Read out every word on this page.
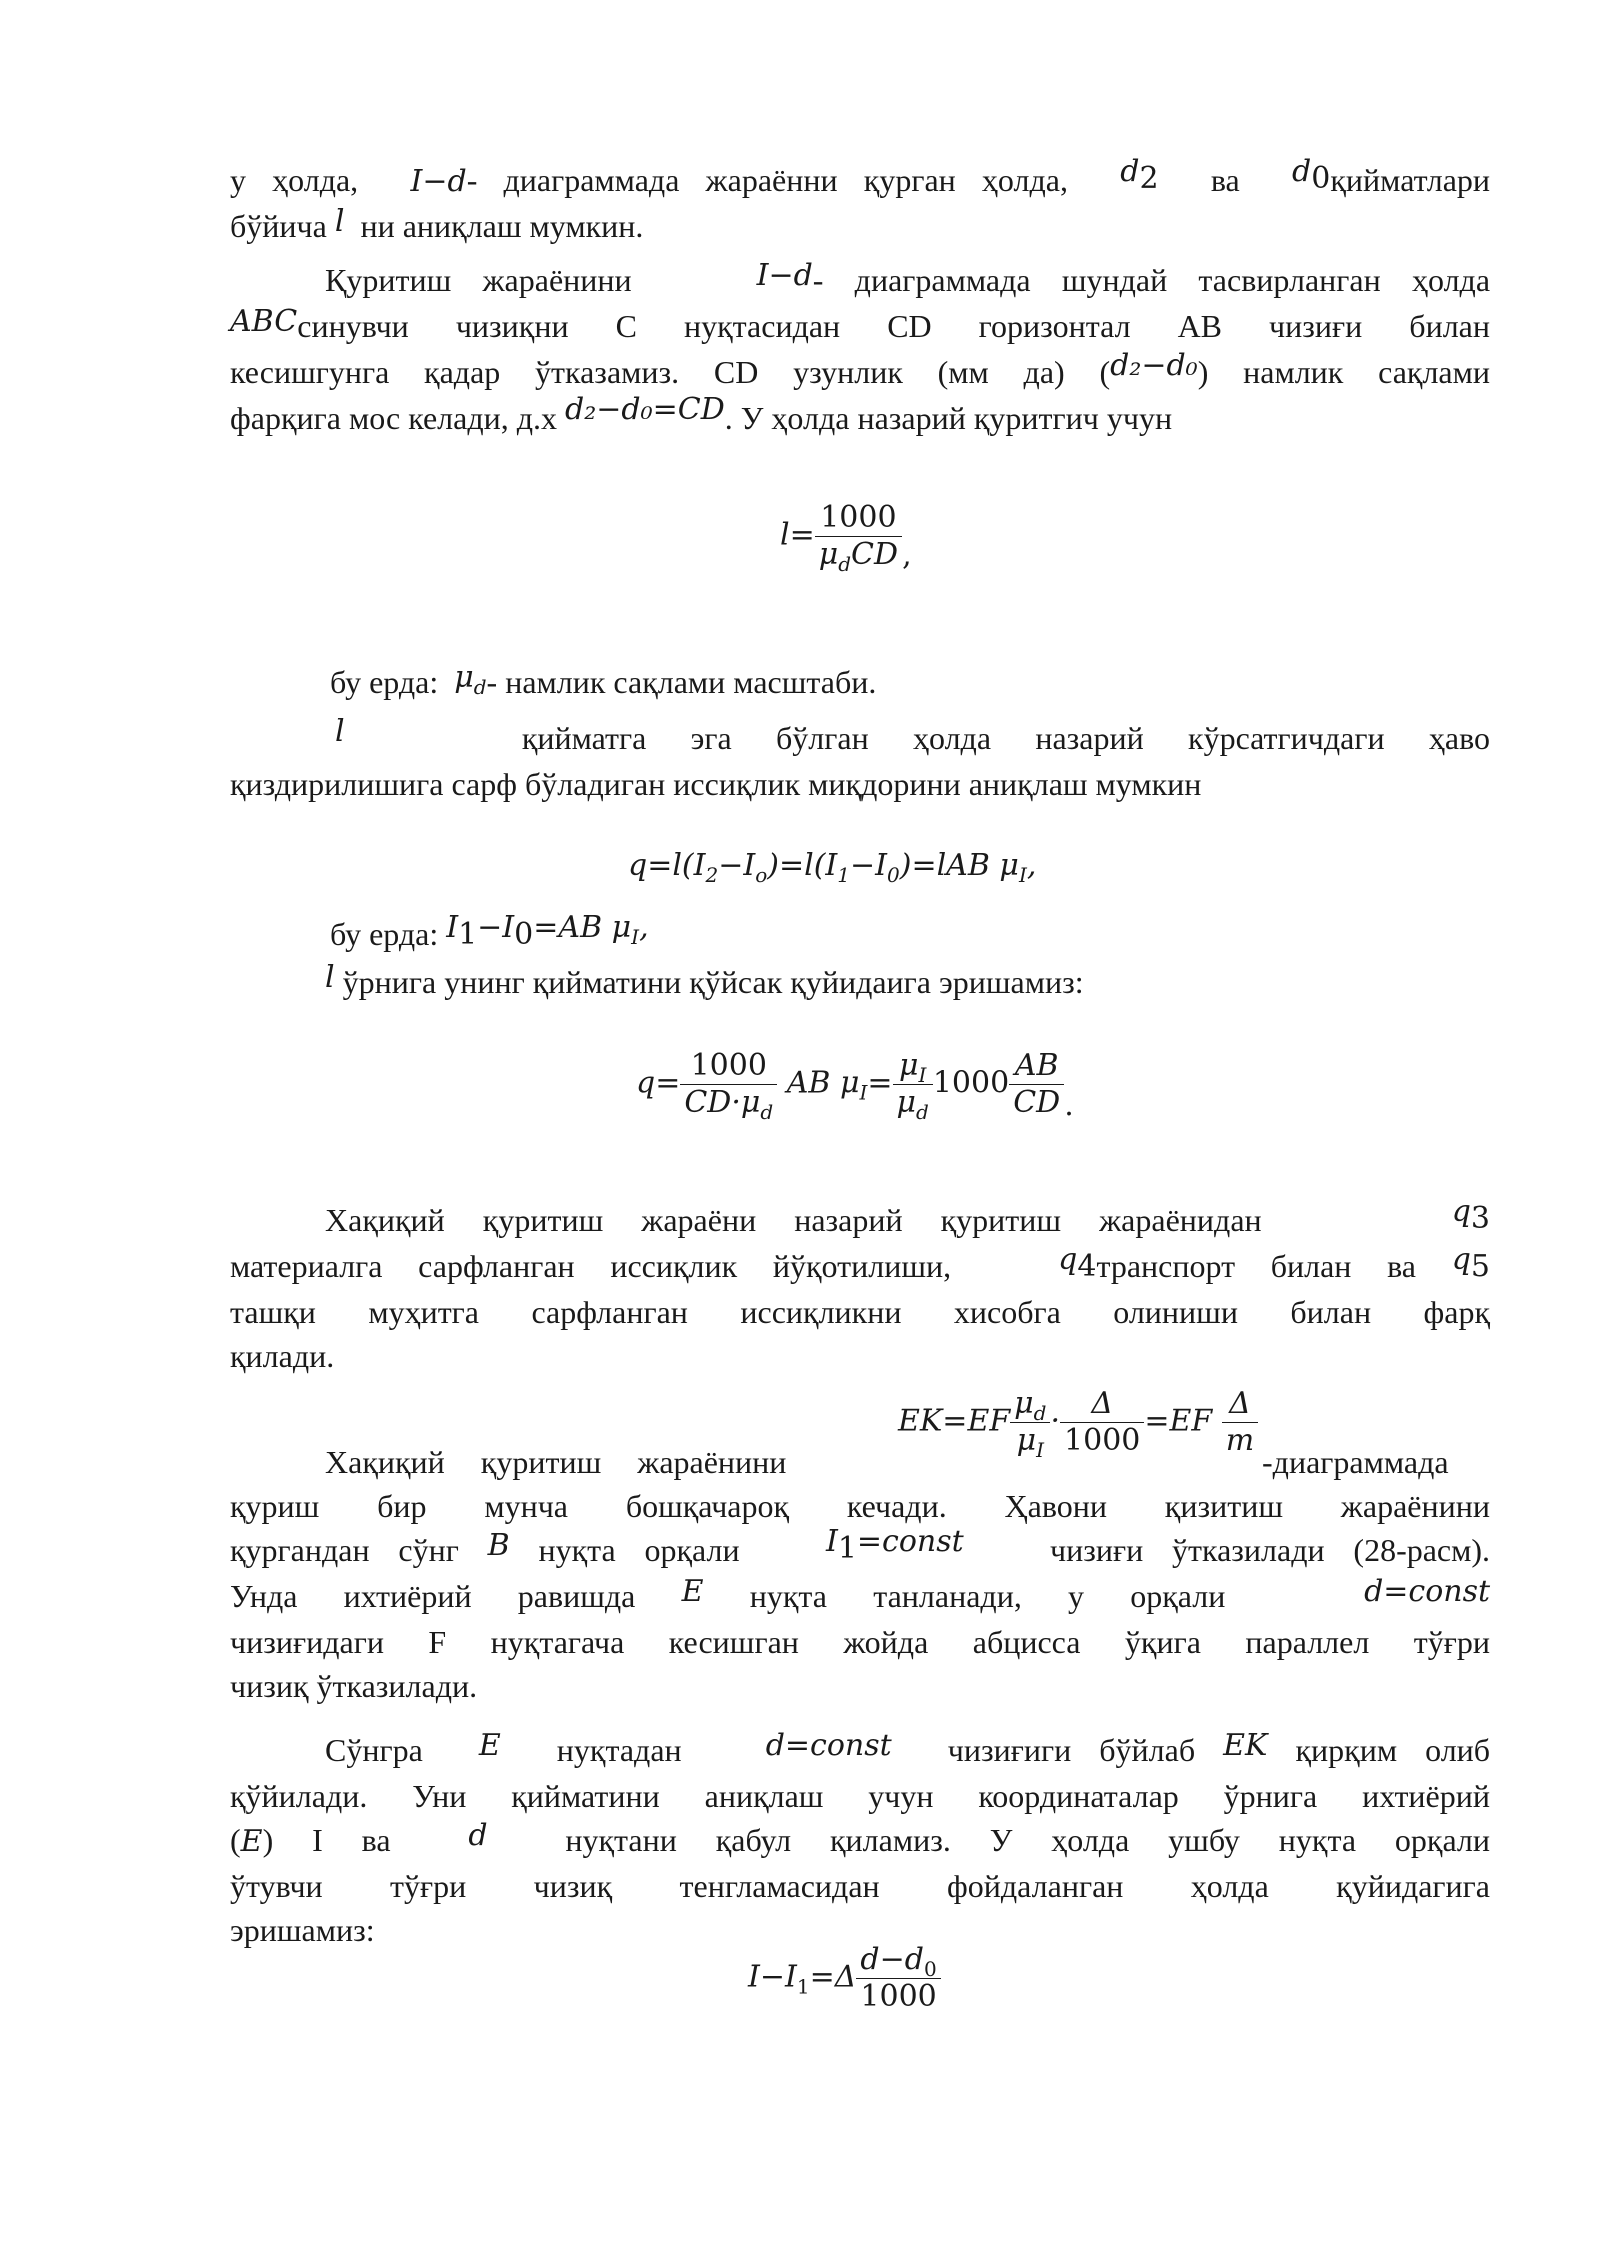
у ҳолда, I−d- диаграммада жараённи қурган ҳолда, $d_2$ ва $d_0қийматлари$

бўйича l ни аниқлаш мумкин.

Қуритиш жараёнини	I−d- диаграммада шундай тасвирланган ҳолда

ABCсинувчи чизиқни С нуқтасидан CD горизонтал АВ чизиғи билан

кесишгунга қадар ўтказамиз. CD узунлик (мм да) (d₂−d₀) намлик сақлами

фарқига мос келади, д.х d₂−d₀=CD. У ҳолда назарий қуритгич учун

$l= \frac{1000}{\mu_dCD}$ ,
бу ерда: $\mu_d-$ намлик сақлами масштаби.

l	қийматга эга бўлган ҳолда назарий кўрсатгичдаги ҳаво

қиздирилишига сарф бўладиган иссиқлик миқдорини аниқлаш мумкин

$q=l(I_2-I_o)=l(I_1-I_0)=lAB$ $\mu_I$,
бу ерда: $I_1-I_0=AB$ $\mu_I$,
l ўрнига унинг қийматини қўйсак қуйидаига эришамиз:
$q= \frac{1000}{CD\cdot\mu_d}$ AB $\mu_I= \frac{\mu_I}{\mu_d} 1000 \frac{AB}{CD}$ .

Хақиқий қуритиш жараёни назарий қуритиш жараёнидан	$q_3$

материалга сарфланган иссиқлик йўқотилиши,	$q_4транспорт$ билан ва $q_5$

ташқи муҳитга сарфланган иссиқликни хисобга олиниши билан фарқ

қилади.

Хақиқий қуритиш жараёнини
$EK=EF \frac{\mu_d}{\mu_I} \cdot \frac{\Delta}{1000} =EF \frac{\Delta}{m}$
-диаграммада

қуриш бир мунча бошқачароқ кечади. Ҳавони қизитиш жараёнини

қургандан сўнг B нуқта орқали	$I_1=const$	чизиғи ўтказилади (28-расм).

Унда ихтиёрий равишда E нуқта танланади, у орқали	d=const

чизиғидаги F нуқтагача кесишган жойда абцисса ўқига параллел тўғри

чизиқ ўтказилади.

Сўнгра E нуқтадан	d=const чизиғиги бўйлаб EK қирқим олиб

қўйилади. Уни қийматини аниқлаш учун координаталар ўрнига ихтиёрий

(E) I ва	d нуқтани қабул қиламиз. У ҳолда ушбу нуқта орқали

ўтувчи тўғри чизиқ тенгламасидан фойдаланган ҳолда қуйидагига

эришамиз:

$I-I_1=\Delta \frac{d-d_0}{1000}$
